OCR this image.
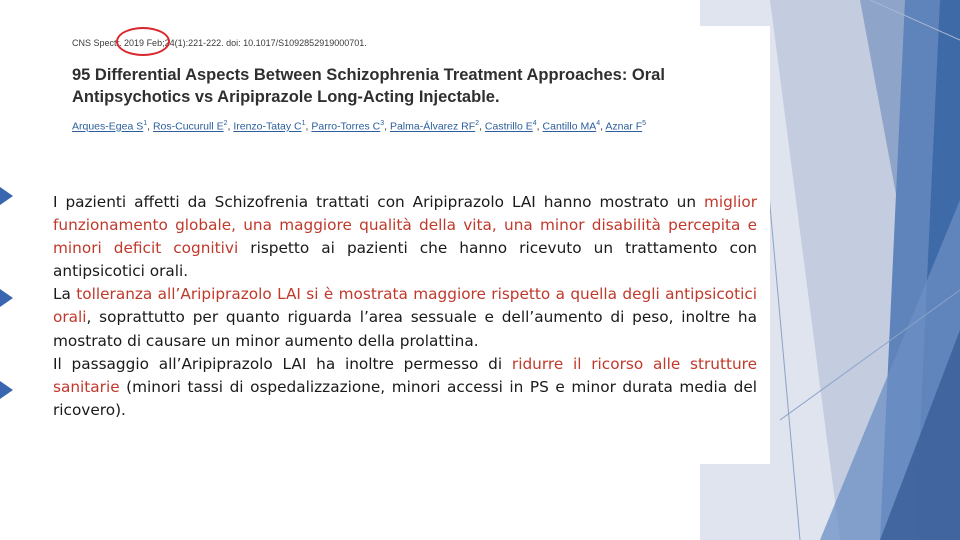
CNS Spectr. 2019 Feb;24(1):221-222. doi: 10.1017/S1092852919000701.
95 Differential Aspects Between Schizophrenia Treatment Approaches: Oral Antipsychotics vs Aripiprazole Long-Acting Injectable.
Arques-Egea $S^1$, Ros-Cucurull $E^2$, Irenzo-Tatay $C^1$, Parro-Torres $C^3$, Palma-Álvarez $RF^2$, Castrillo $E^4$, Cantillo $MA^4$, Aznar $F^5$

I pazienti affetti da Schizofrenia trattati con Aripiprazolo LAI hanno mostrato un miglior funzionamento globale, una maggiore qualità della vita, una minor disabilità percepita e minori deficit cognitivi rispetto ai pazienti che hanno ricevuto un trattamento con antipsicotici orali.

La tolleranza all’Aripiprazolo LAI si è mostrata maggiore rispetto a quella degli antipsicotici orali, soprattutto per quanto riguarda l’area sessuale e dell’aumento di peso, inoltre ha mostrato di causare un minor aumento della prolattina.

Il passaggio all’Aripiprazolo LAI ha inoltre permesso di ridurre il ricorso alle strutture sanitarie (minori tassi di ospedalizzazione, minori accessi in PS e minor durata media del ricovero).
